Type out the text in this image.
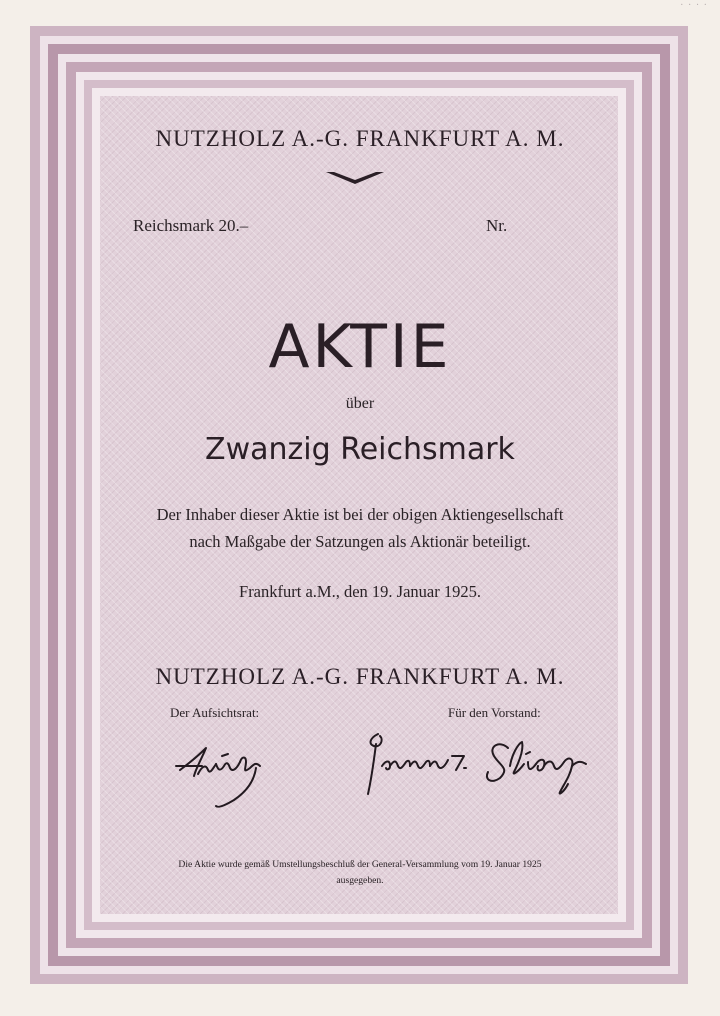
· · · ·
NUTZHOLZ A.-G. FRANKFURT A. M.
Reichsmark 20.–	Nr.
AKTIE
über
Zwanzig Reichsmark
Der Inhaber dieser Aktie ist bei der obigen Aktiengesellschaft
nach Maßgabe der Satzungen als Aktionär beteiligt.
Frankfurt a.M., den 19. Januar 1925.
NUTZHOLZ A.-G. FRANKFURT A. M.
Der Aufsichtsrat:	Für den Vorstand:
Die Aktie wurde gemäß Umstellungsbeschluß der General-Versammlung vom 19. Januar 1925
ausgegeben.
